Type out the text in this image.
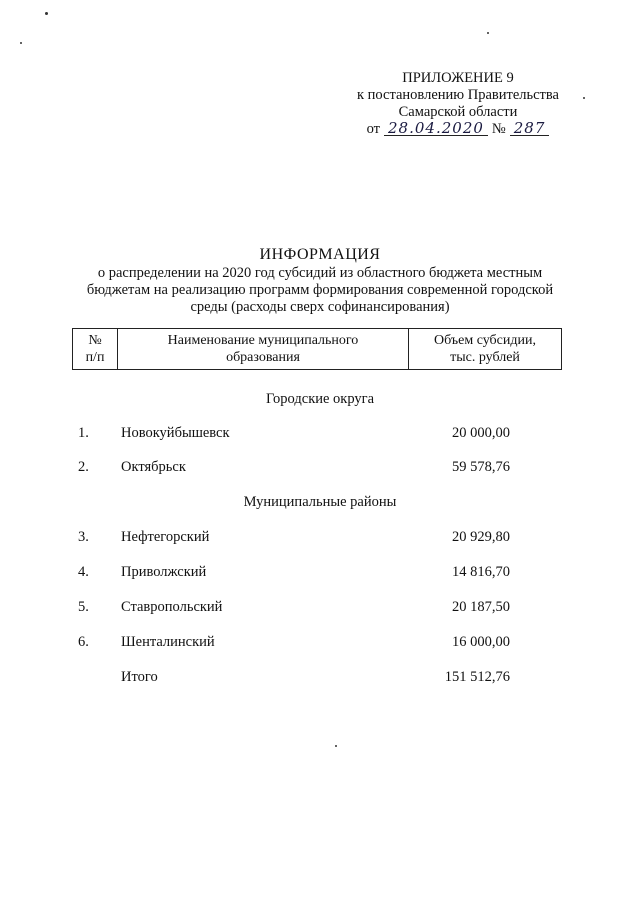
ПРИЛОЖЕНИЕ 9
к постановлению Правительства
Самарской области
от 28.04.2020 № 287
ИНФОРМАЦИЯ
о распределении на 2020 год субсидий из областного бюджета местным
бюджетам на реализацию программ формирования современной городской
среды (расходы сверх софинансирования)
№
п/п

Наименование муниципального
образования

Объем субсидии,
тыс. рублей
Городские округа
1. Новокуйбышевск	20 000,00
2. Октябрьск	59 578,76
Муниципальные районы
3. Нефтегорский	20 929,80
4. Приволжский	14 816,70
5. Ставропольский	20 187,50
6. Шенталинский	16 000,00
Итого	151 512,76
